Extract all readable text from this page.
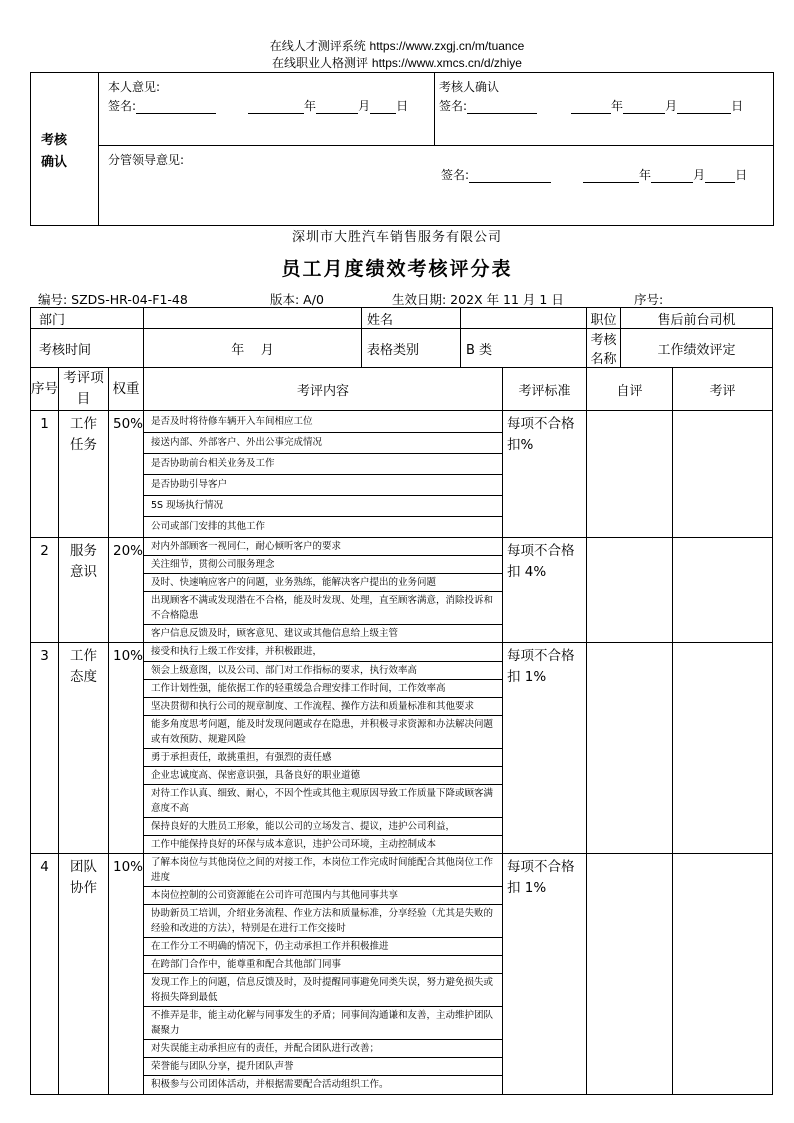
在线人才测评系统 https://www.zxgj.cn/m/tuance
在线职业人格测评 https://www.xmcs.cn/d/zhiye
考核确认
本人意见:
签名:	年	月 日
考核人确认
签名:	年	月	日
分管领导意见:
签名:	年	月	日
深圳市大胜汽车销售服务有限公司
员工月度绩效考核评分表
编号: SZDS-HR-04-F1-48	版本: A/0	生效日期: 202X 年 11 月 1 日	序号:
部门		姓名		职位	售后前台司机
考核时间	年    月	表格类别	B 类	考核名称	工作绩效评定
序号	考评项目	权重	考评内容	考评标准	自评	考评
1	工作任务	50%	是否及时将待修车辆开入车间相应工位
接送内部、外部客户、外出公事完成情况
是否协助前台相关业务及工作
是否协助引导客户
5S 现场执行情况
公司或部门安排的其他工作
	每项不合格扣%		
2	服务意识	20%	对内外部顾客一视同仁，耐心倾听客户的要求
关注细节，贯彻公司服务理念
及时、快速响应客户的问题，业务熟练，能解决客户提出的业务问题
出现顾客不满或发现潜在不合格，能及时发现、处理，直至顾客满意，消除投诉和不合格隐患
客户信息反馈及时，顾客意见、建议或其他信息给上级主管
	每项不合格扣 4%		
3	工作态度	10%	接受和执行上级工作安排，并积极跟进，
领会上级意图，以及公司、部门对工作指标的要求，执行效率高
工作计划性强，能依据工作的轻重缓急合理安排工作时间，工作效率高
坚决贯彻和执行公司的规章制度、工作流程、操作方法和质量标准和其他要求
能多角度思考问题，能及时发现问题或存在隐患，并积极寻求资源和办法解决问题或有效预防、规避风险
勇于承担责任，敢挑重担，有强烈的责任感
企业忠诚度高、保密意识强，具备良好的职业道德
对待工作认真、细致、耐心，不因个性或其他主观原因导致工作质量下降或顾客满意度不高
保持良好的大胜员工形象，能以公司的立场发言、提议，违护公司利益，
工作中能保持良好的环保与成本意识，违护公司环境，主动控制成本
	每项不合格扣 1%		
4	团队协作	10%	了解本岗位与其他岗位之间的对接工作，本岗位工作完成时间能配合其他岗位工作进度
本岗位控制的公司资源能在公司许可范围内与其他同事共享
协助新员工培训，介绍业务流程、作业方法和质量标准，分享经验（尤其是失败的经验和改进的方法），特别是在进行工作交接时
在工作分工不明确的情况下，仍主动承担工作并积极推进
在跨部门合作中，能尊重和配合其他部门同事
发现工作上的问题，信息反馈及时，及时提醒同事避免同类失误，努力避免损失或将损失降到最低
不推弄是非，能主动化解与同事发生的矛盾；同事间沟通谦和友善，主动维护团队凝聚力
对失误能主动承担应有的责任，并配合团队进行改善；
荣誉能与团队分享，提升团队声誉
积极参与公司团体活动，并根据需要配合活动组织工作。
	每项不合格扣 1%		
